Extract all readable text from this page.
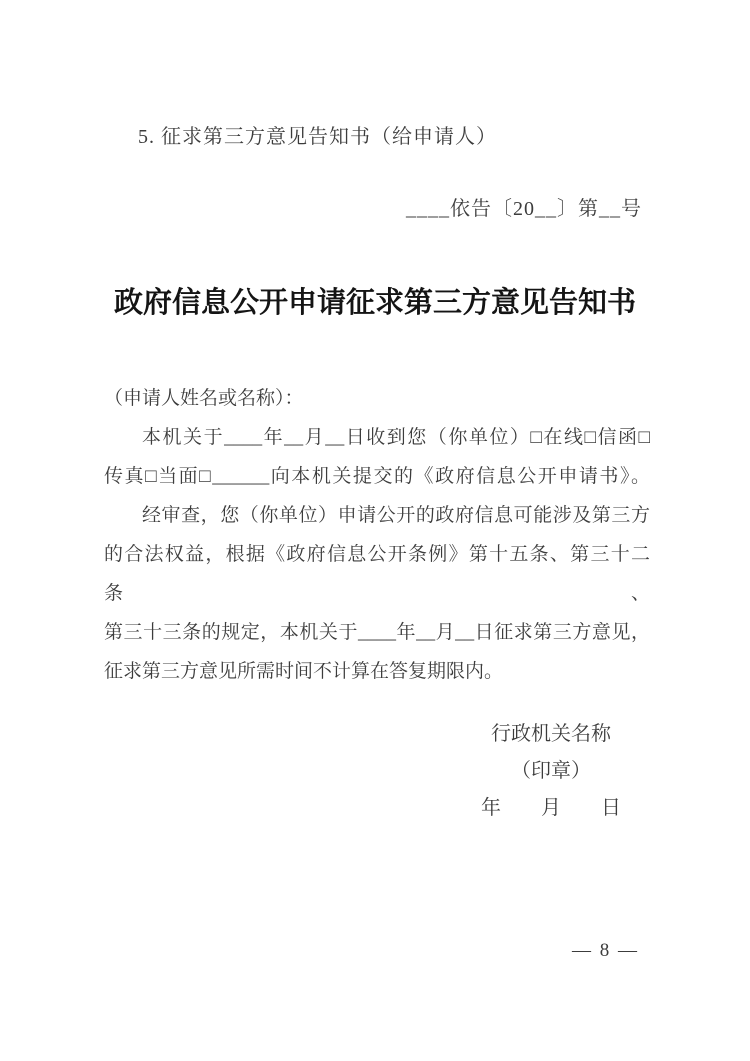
5. 征求第三方意见告知书（给申请人）
____依告〔20__〕第__号
政府信息公开申请征求第三方意见告知书
（申请人姓名或名称）：
本机关于____年__月__日收到您（你单位）□在线□信函□
传真□当面□______向本机关提交的《政府信息公开申请书》。
经审查，您（你单位）申请公开的政府信息可能涉及第三方
的合法权益，根据《政府信息公开条例》第十五条、第三十二条、
第三十三条的规定，本机关于____年__月__日征求第三方意见，
征求第三方意见所需时间不计算在答复期限内。
行政机关名称
（印章）
年　　月　　日
— 8 —
